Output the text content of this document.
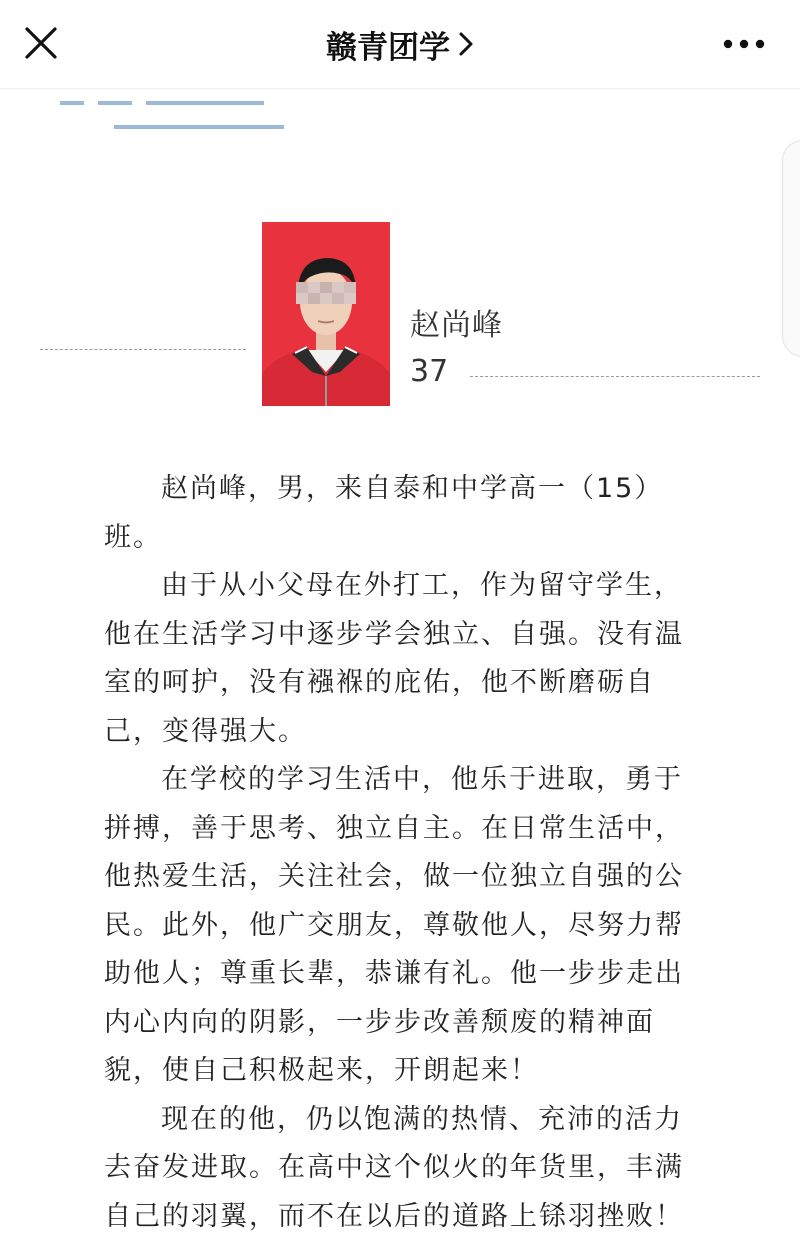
赣青团学
赵尚峰
37

赵尚峰，男，来自泰和中学高一（15）班。

由于从小父母在外打工，作为留守学生，他在生活学习中逐步学会独立、自强。没有温室的呵护，没有襁褓的庇佑，他不断磨砺自己，变得强大。

在学校的学习生活中，他乐于进取，勇于拼搏，善于思考、独立自主。在日常生活中，他热爱生活，关注社会，做一位独立自强的公民。此外，他广交朋友，尊敬他人，尽努力帮助他人；尊重长辈，恭谦有礼。他一步步走出内心内向的阴影，一步步改善颓废的精神面貌，使自己积极起来，开朗起来！

现在的他，仍以饱满的热情、充沛的活力去奋发进取。在高中这个似火的年货里，丰满自己的羽翼，而不在以后的道路上铩羽挫败！
